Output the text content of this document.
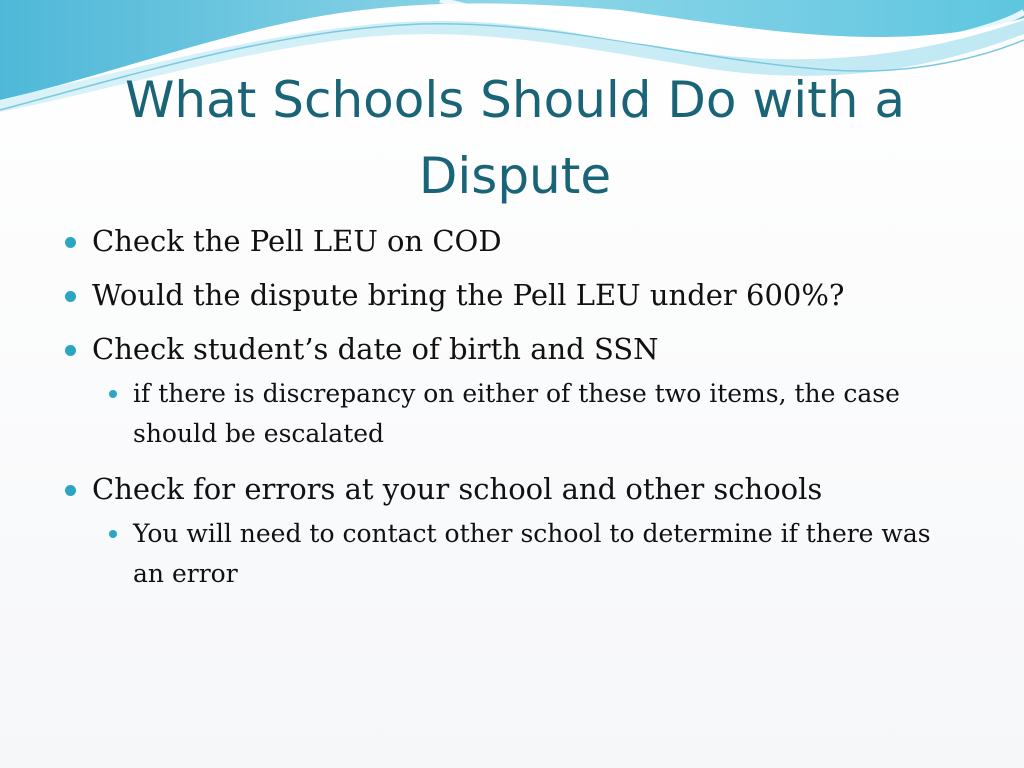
What Schools Should Do with a Dispute
Check the Pell LEU on COD
Would the dispute bring the Pell LEU under 600%?
Check student’s date of birth and SSN
if there is discrepancy on either of these two items, the case should be escalated
Check for errors at your school and other schools
You will need to contact other school to determine if there was an error
